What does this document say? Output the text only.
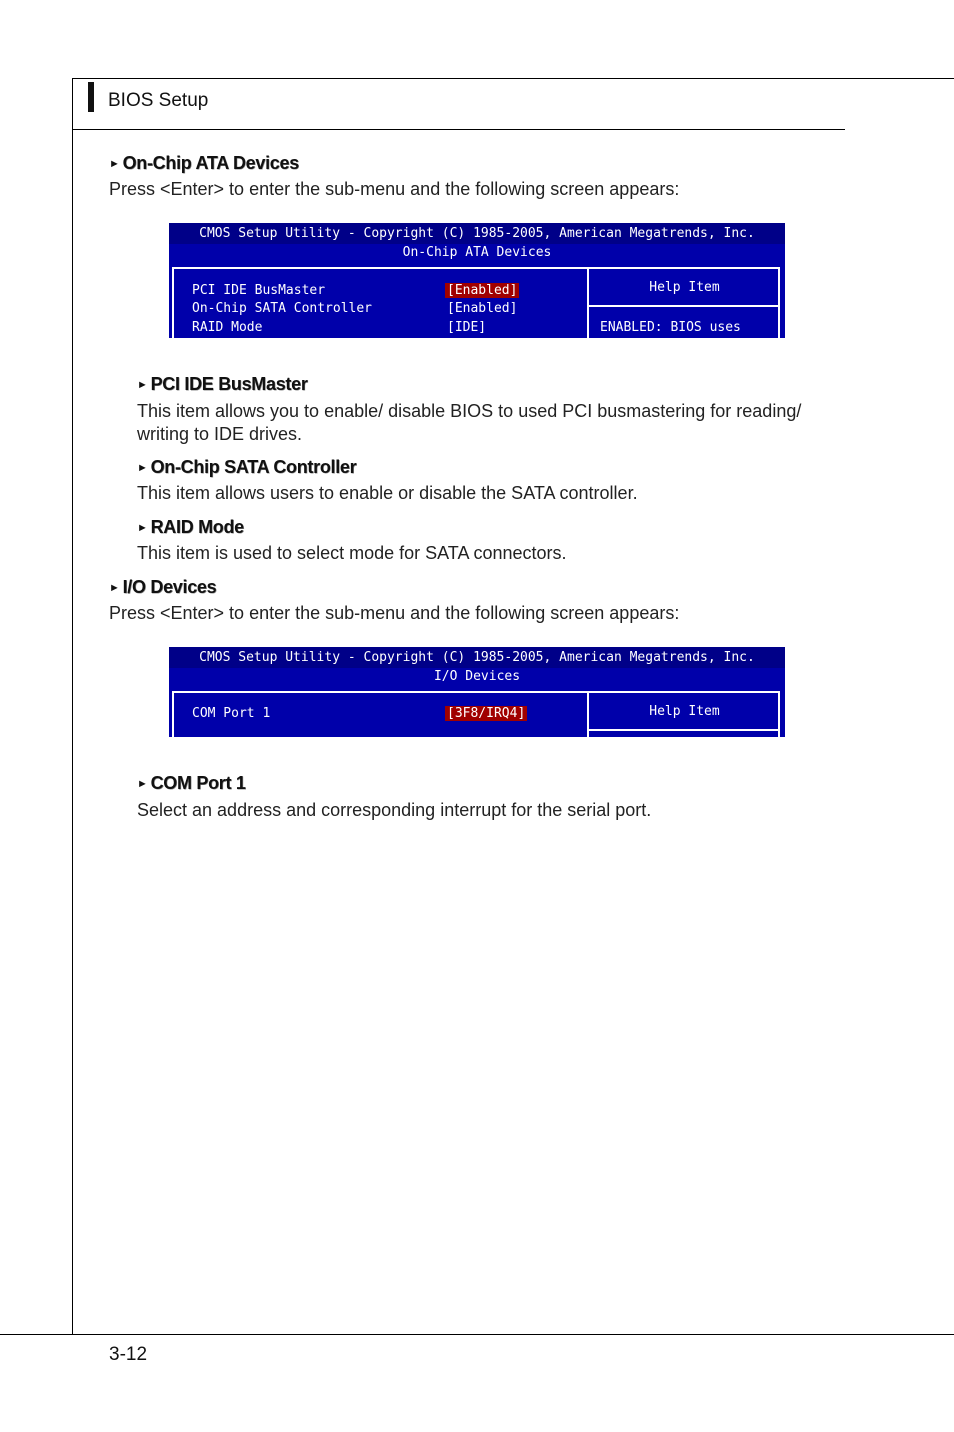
BIOS Setup
► On-Chip ATA Devices
Press <Enter> to enter the sub-menu and the following screen appears:
CMOS Setup Utility - Copyright (C) 1985-2005, American Megatrends, Inc.
On-Chip ATA Devices
Help Item
PCI IDE BusMaster	[Enabled]
On-Chip SATA Controller	[Enabled]
RAID Mode	[IDE]	ENABLED: BIOS uses
► PCI IDE BusMaster
This item allows you to enable/ disable BIOS to used PCI busmastering for reading/
writing to IDE drives.
► On-Chip SATA Controller
This item allows users to enable or disable the SATA controller.
► RAID Mode
This item is used to select mode for SATA connectors.
► I/O Devices
Press <Enter> to enter the sub-menu and the following screen appears:
CMOS Setup Utility - Copyright (C) 1985-2005, American Megatrends, Inc.
I/O Devices
Help Item
COM Port 1	[3F8/IRQ4]
► COM Port 1
Select an address and corresponding interrupt for the serial port.
3-12
